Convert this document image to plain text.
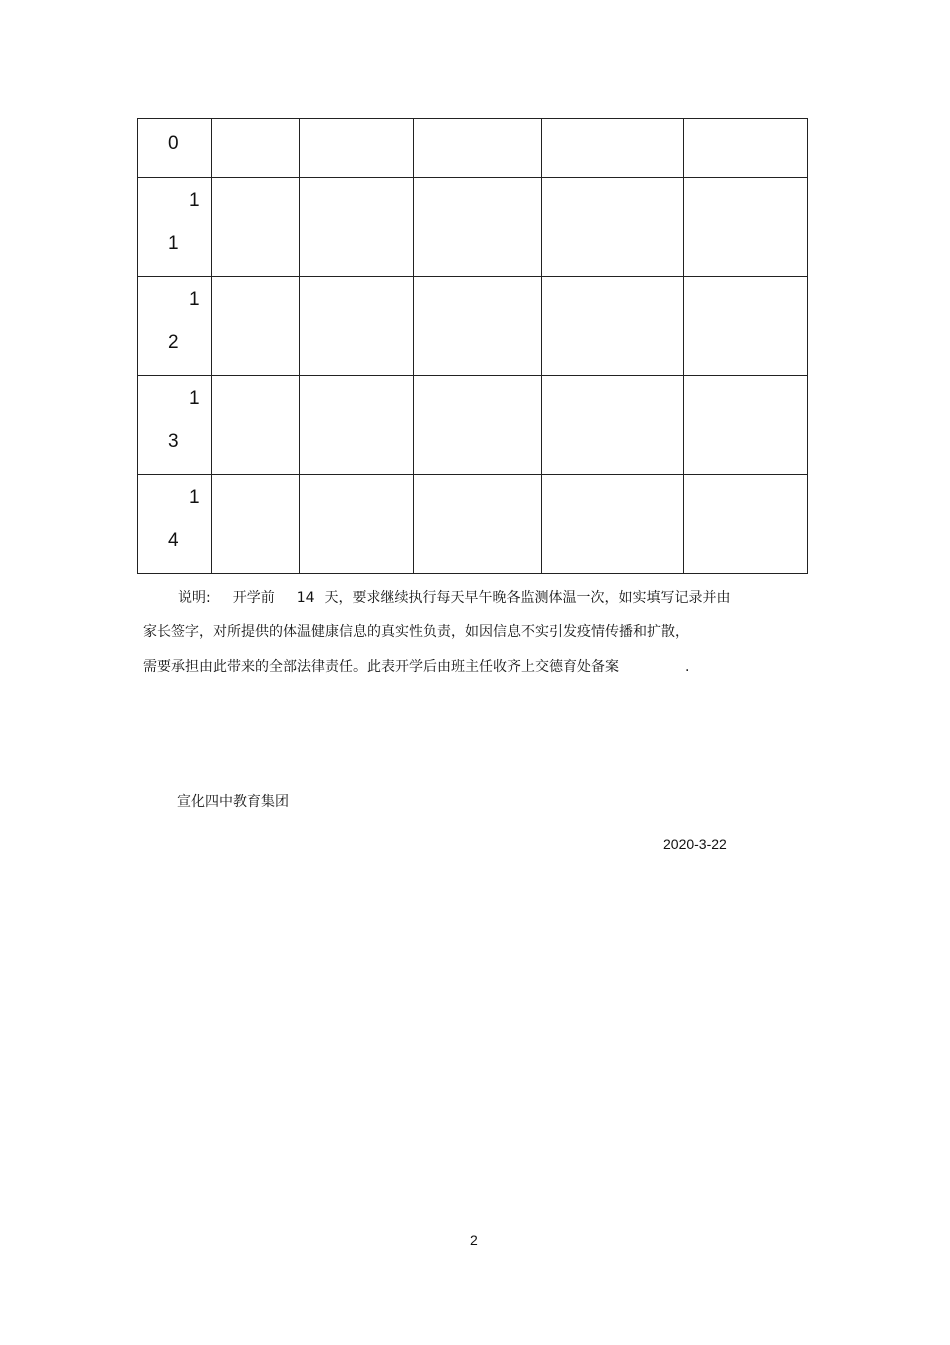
0					

1
1					

1
2					

1
3					

1
4					

说明: 开学前 14 天，要求继续执行每天早午晚各监测体温一次，如实填写记录并由
家长签字，对所提供的体温健康信息的真实性负责，如因信息不实引发疫情传播和扩散，
需要承担由此带来的全部法律责任。此表开学后由班主任收齐上交德育处备案	.
宣化四中教育集团
2020-3-22
2
